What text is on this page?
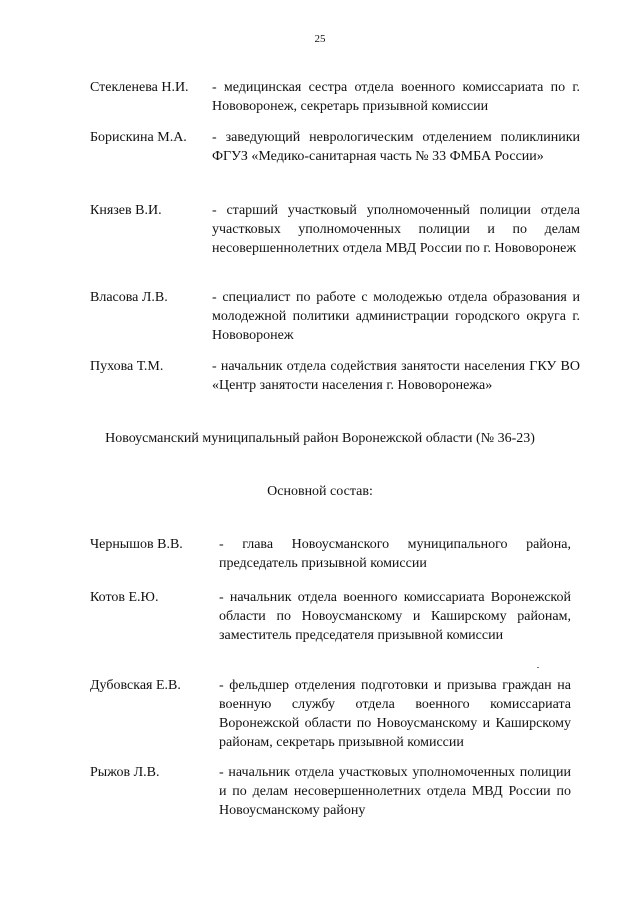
25
Стекленева Н.И. - медицинская сестра отдела военного комиссариата по г. Нововоронеж, секретарь призывной комиссии
Борискина М.А. - заведующий неврологическим отделением поликлиники ФГУЗ «Медико-санитарная часть № 33 ФМБА России»
Князев В.И.	- старший участковый уполномоченный полиции отдела участковых уполномоченных полиции и по делам несовершеннолетних отдела МВД России по г. Нововоронеж
Власова Л.В.	- специалист по работе с молодежью отдела образования и молодежной политики администрации городского округа г. Нововоронеж
Пухова Т.М.	- начальник отдела содействия занятости населения ГКУ ВО «Центр занятости населения г. Нововоронежа»
Новоусманский муниципальный район Воронежской области (№ 36-23)
Основной состав:
Чернышов В.В.	- глава Новоусманского муниципального района, председатель призывной комиссии
Котов Е.Ю.	- начальник отдела военного комиссариата Воронежской области по Новоусманскому и Каширскому районам, заместитель председателя призывной комиссии
Дубовская Е.В.	- фельдшер отделения подготовки и призыва граждан на военную службу отдела военного комиссариата Воронежской области по Новоусманскому и Каширскому районам, секретарь призывной комиссии
Рыжов Л.В.	- начальник отдела участковых уполномоченных полиции и по делам несовершеннолетних отдела МВД России по Новоусманскому району
